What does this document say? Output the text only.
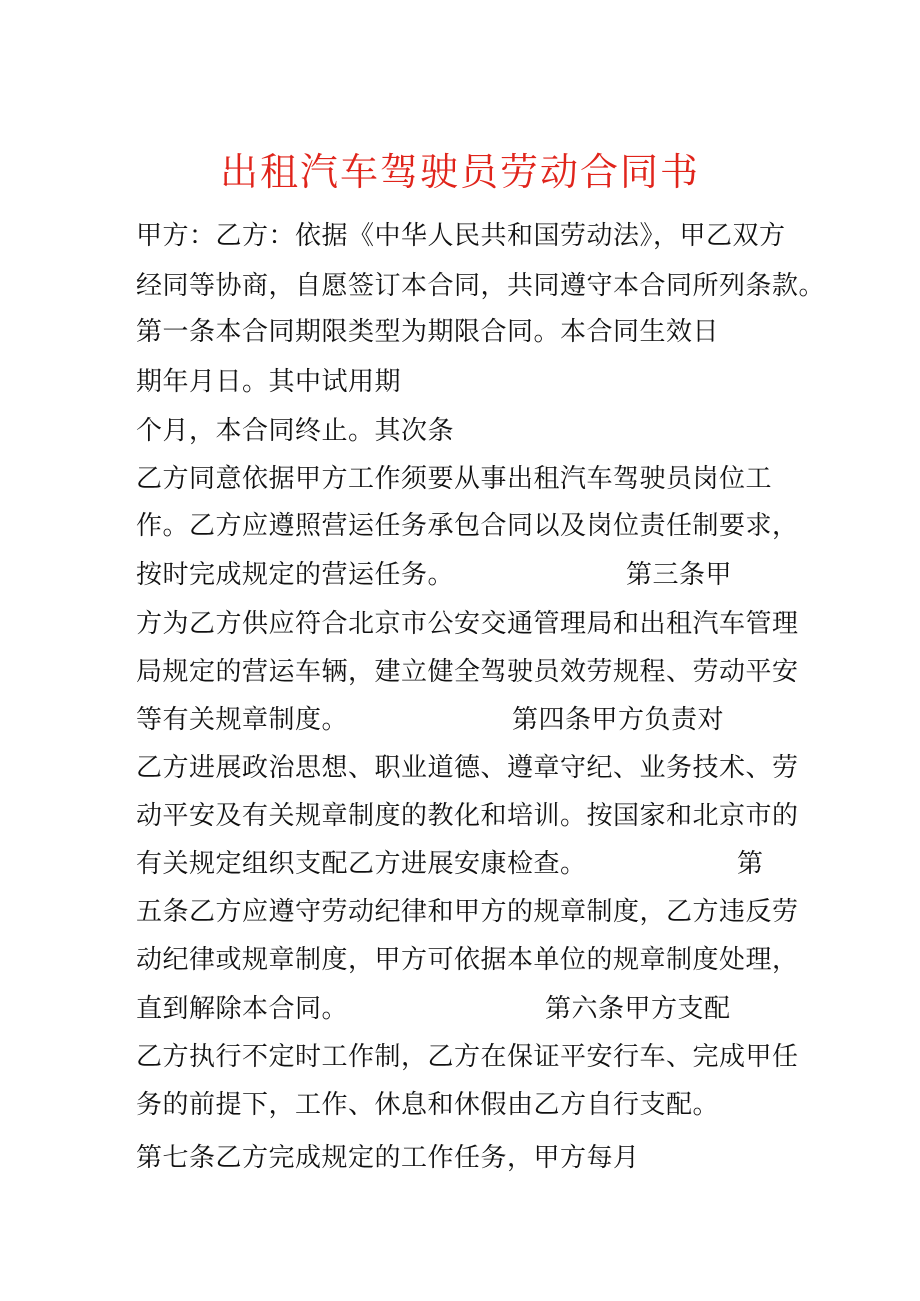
出租汽车驾驶员劳动合同书
甲方：乙方：依据《中华人民共和国劳动法》，甲乙双方
经同等协商，自愿签订本合同，共同遵守本合同所列条款。
第一条本合同期限类型为期限合同。本合同生效日
期年月日。其中试用期
个月，本合同终止。其次条
乙方同意依据甲方工作须要从事出租汽车驾驶员岗位工
作。乙方应遵照营运任务承包合同以及岗位责任制要求，
按时完成规定的营运任务。	第三条甲
方为乙方供应符合北京市公安交通管理局和出租汽车管理
局规定的营运车辆，建立健全驾驶员效劳规程、劳动平安
等有关规章制度。	第四条甲方负责对
乙方进展政治思想、职业道德、遵章守纪、业务技术、劳
动平安及有关规章制度的教化和培训。按国家和北京市的
有关规定组织支配乙方进展安康检查。	第
五条乙方应遵守劳动纪律和甲方的规章制度，乙方违反劳
动纪律或规章制度，甲方可依据本单位的规章制度处理，
直到解除本合同。	第六条甲方支配
乙方执行不定时工作制，乙方在保证平安行车、完成甲任
务的前提下，工作、休息和休假由乙方自行支配。
第七条乙方完成规定的工作任务，甲方每月
